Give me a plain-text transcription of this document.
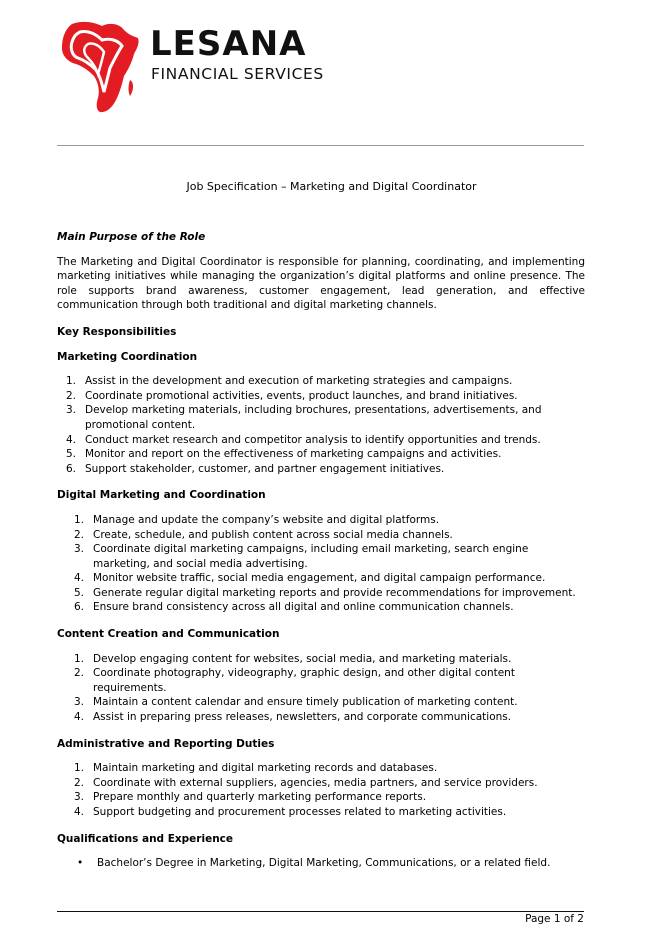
LESANA
FINANCIAL SERVICES
Job Specification – Marketing and Digital Coordinator

Main Purpose of the Role

The Marketing and Digital Coordinator is responsible for planning, coordinating, and implementing marketing initiatives while managing the organization’s digital platforms and online presence. The role supports brand awareness, customer engagement, lead generation, and effective communication through both traditional and digital marketing channels.

Key Responsibilities

Marketing Coordination

1. Assist in the development and execution of marketing strategies and campaigns.
2. Coordinate promotional activities, events, product launches, and brand initiatives.
3. Develop marketing materials, including brochures, presentations, advertisements, and promotional content.
4. Conduct market research and competitor analysis to identify opportunities and trends.
5. Monitor and report on the effectiveness of marketing campaigns and activities.
6. Support stakeholder, customer, and partner engagement initiatives.

Digital Marketing and Coordination

1. Manage and update the company’s website and digital platforms.
2. Create, schedule, and publish content across social media channels.
3. Coordinate digital marketing campaigns, including email marketing, search engine marketing, and social media advertising.
4. Monitor website traffic, social media engagement, and digital campaign performance.
5. Generate regular digital marketing reports and provide recommendations for improvement.
6. Ensure brand consistency across all digital and online communication channels.

Content Creation and Communication

1. Develop engaging content for websites, social media, and marketing materials.
2. Coordinate photography, videography, graphic design, and other digital content requirements.
3. Maintain a content calendar and ensure timely publication of marketing content.
4. Assist in preparing press releases, newsletters, and corporate communications.

Administrative and Reporting Duties

1. Maintain marketing and digital marketing records and databases.
2. Coordinate with external suppliers, agencies, media partners, and service providers.
3. Prepare monthly and quarterly marketing performance reports.
4. Support budgeting and procurement processes related to marketing activities.

Qualifications and Experience

• Bachelor’s Degree in Marketing, Digital Marketing, Communications, or a related field.
Page 1 of 2
